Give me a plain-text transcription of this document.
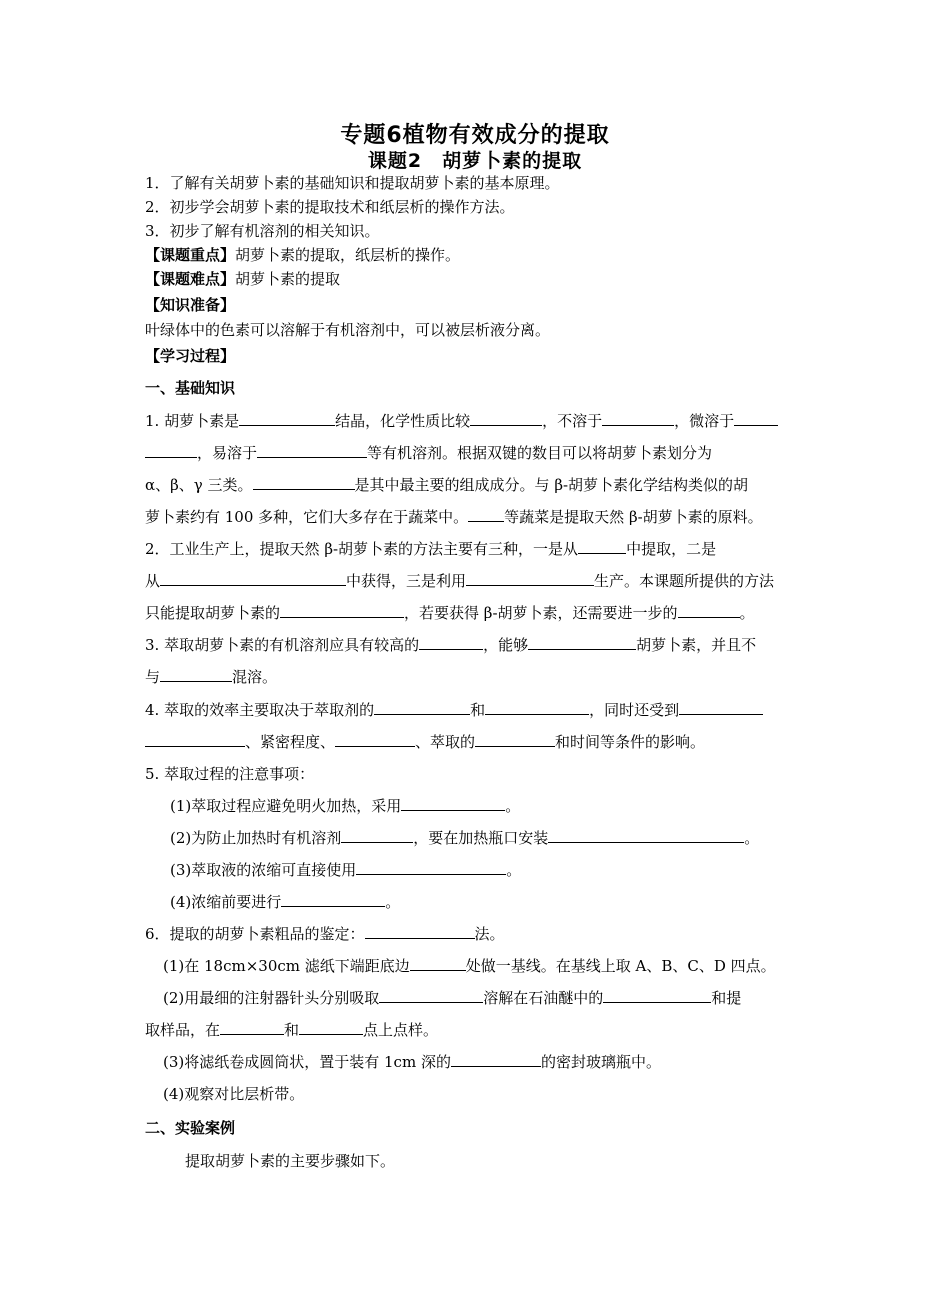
专题6植物有效成分的提取
课题2　胡萝卜素的提取
1．了解有关胡萝卜素的基础知识和提取胡萝卜素的基本原理。
2．初步学会胡萝卜素的提取技术和纸层析的操作方法。
3．初步了解有机溶剂的相关知识。
【课题重点】胡萝卜素的提取，纸层析的操作。
【课题难点】胡萝卜素的提取
【知识准备】
叶绿体中的色素可以溶解于有机溶剂中，可以被层析液分离。
【学习过程】
一、基础知识
1. 胡萝卜素是	结晶，化学性质比较	，不溶于	，微溶于
，易溶于	等有机溶剂。根据双键的数目可以将胡萝卜素划分为
α、β、γ 三类。	是其中最主要的组成成分。与 β-胡萝卜素化学结构类似的胡
萝卜素约有 100 多种，它们大多存在于蔬菜中。 等蔬菜是提取天然 β-胡萝卜素的原料。
2．工业生产上，提取天然 β-胡萝卜素的方法主要有三种，一是从	中提取，二是
从	中获得，三是利用	生产。本课题所提供的方法
只能提取胡萝卜素的	，若要获得 β-胡萝卜素，还需要进一步的	。
3. 萃取胡萝卜素的有机溶剂应具有较高的	，能够	胡萝卜素，并且不
与	混溶。
4. 萃取的效率主要取决于萃取剂的	和	，同时还受到
、紧密程度、	、萃取的	和时间等条件的影响。
5. 萃取过程的注意事项：
(1)萃取过程应避免明火加热，采用	。
(2)为防止加热时有机溶剂	，要在加热瓶口安装	。
(3)萃取液的浓缩可直接使用	。
(4)浓缩前要进行	。
6．提取的胡萝卜素粗品的鉴定：	法。
(1)在 18cm×30cm 滤纸下端距底边	处做一基线。在基线上取 A、B、C、D 四点。
(2)用最细的注射器针头分别吸取	溶解在石油醚中的	和提
取样品，在	和	点上点样。
(3)将滤纸卷成圆筒状，置于装有 1cm 深的	的密封玻璃瓶中。
(4)观察对比层析带。
二、实验案例
提取胡萝卜素的主要步骤如下。
